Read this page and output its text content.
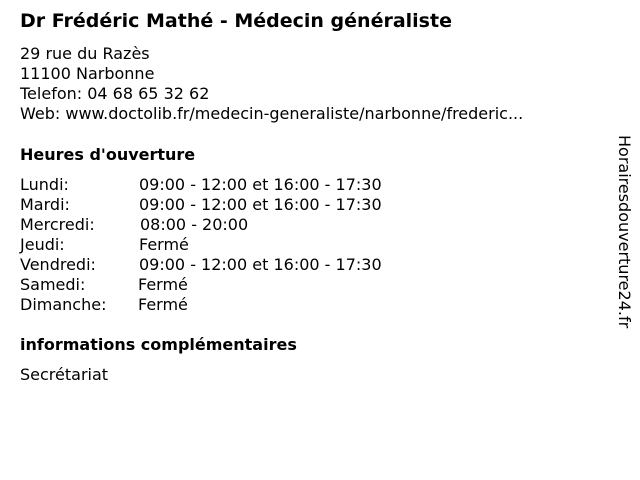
Dr Frédéric Mathé - Médecin généraliste
29 rue du Razès
11100 Narbonne
Telefon: 04 68 65 32 62
Web: www.doctolib.fr/medecin-generaliste/narbonne/frederic...
Heures d'ouverture
Lundi:	09:00 - 12:00 et 16:00 - 17:30
Mardi:	09:00 - 12:00 et 16:00 - 17:30
Mercredi:	08:00 - 20:00
Jeudi:	Fermé
Vendredi:	09:00 - 12:00 et 16:00 - 17:30
Samedi:	Fermé
Dimanche: Fermé
informations complémentaires
Secrétariat
Horairesdouverture24.fr
